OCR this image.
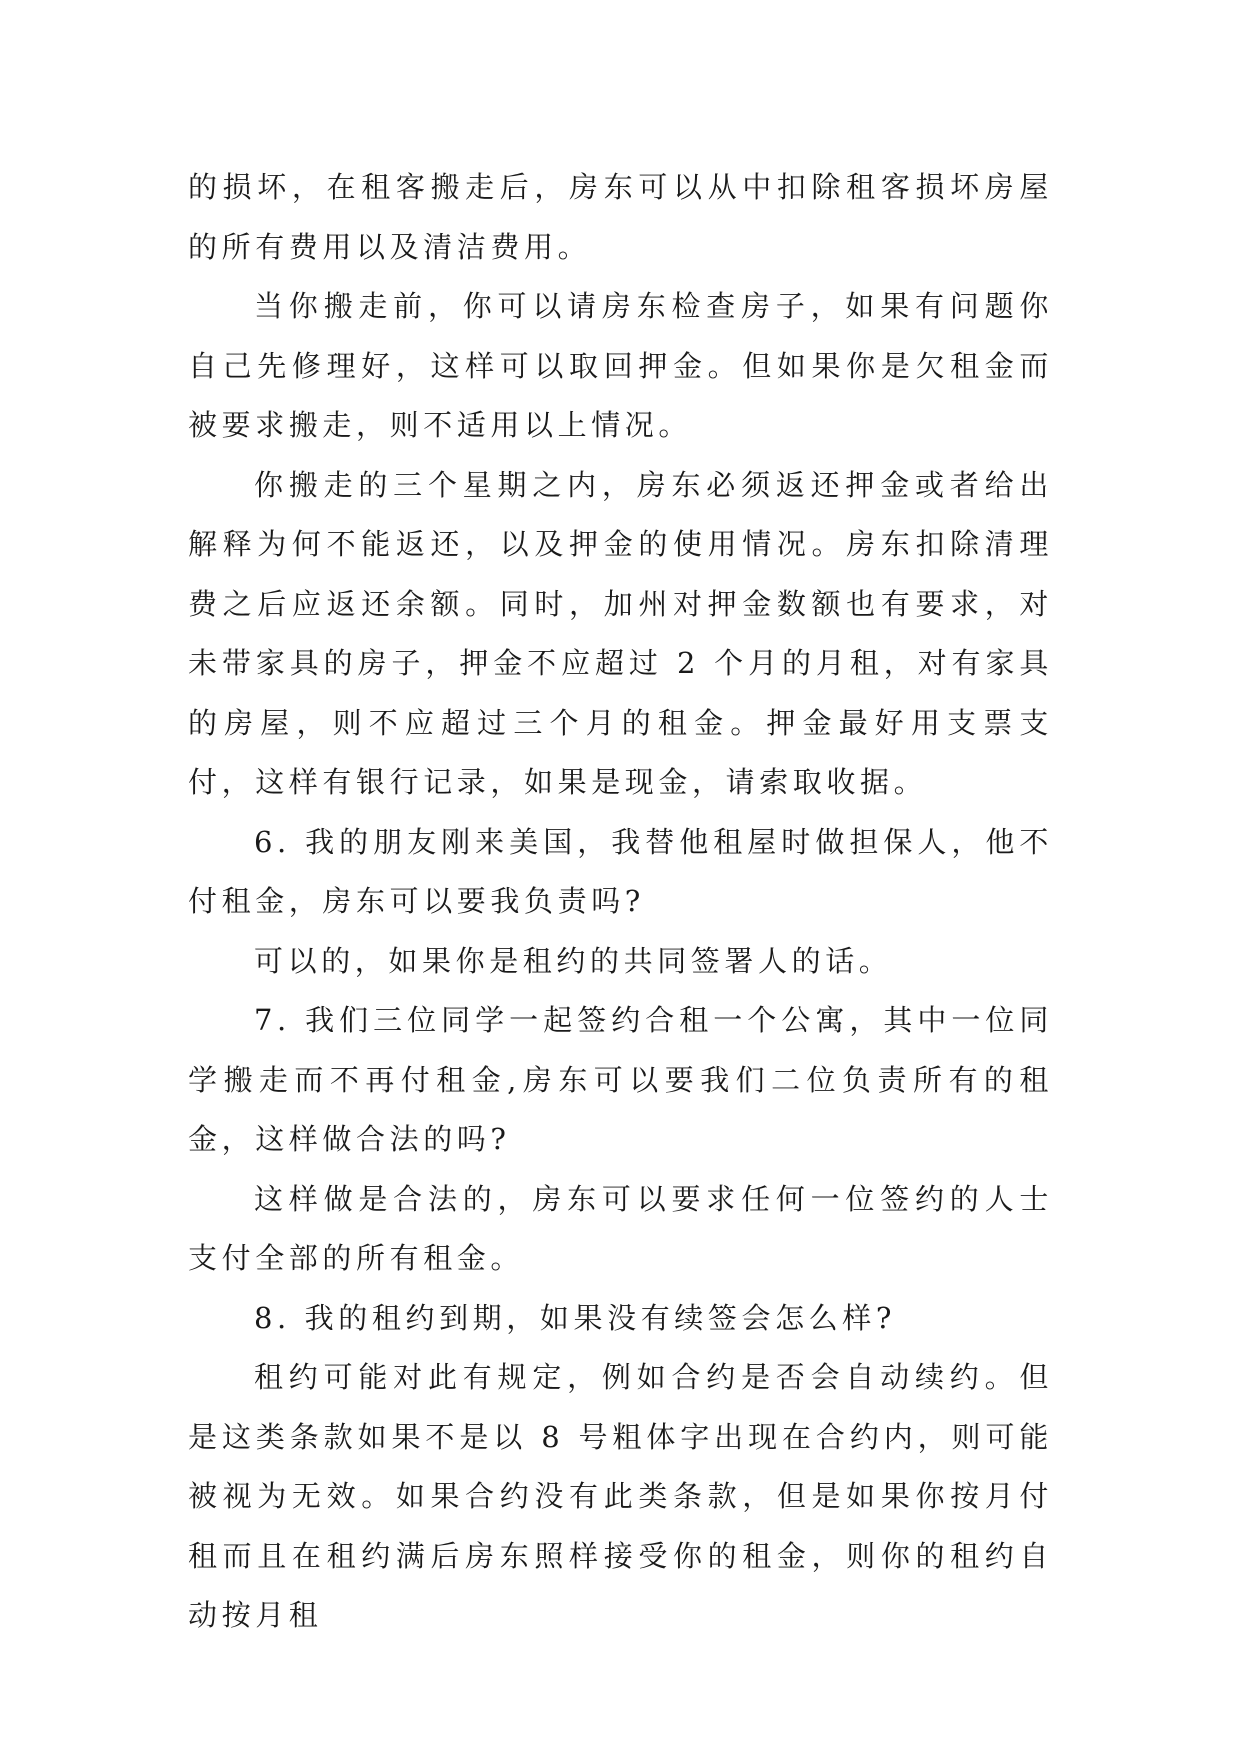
的损坏，在租客搬走后，房东可以从中扣除租客损坏房屋的所有费用以及清洁费用。

当你搬走前，你可以请房东检查房子，如果有问题你自己先修理好，这样可以取回押金。但如果你是欠租金而被要求搬走，则不适用以上情况。

你搬走的三个星期之内，房东必须返还押金或者给出解释为何不能返还，以及押金的使用情况。房东扣除清理费之后应返还余额。同时，加州对押金数额也有要求，对未带家具的房子，押金不应超过 2 个月的月租，对有家具的房屋，则不应超过三个月的租金。押金最好用支票支付，这样有银行记录，如果是现金，请索取收据。

6. 我的朋友刚来美国，我替他租屋时做担保人，他不付租金，房东可以要我负责吗?

可以的，如果你是租约的共同签署人的话。

7. 我们三位同学一起签约合租一个公寓，其中一位同学搬走而不再付租金,房东可以要我们二位负责所有的租金，这样做合法的吗?

这样做是合法的，房东可以要求任何一位签约的人士支付全部的所有租金。

8. 我的租约到期，如果没有续签会怎么样?

租约可能对此有规定，例如合约是否会自动续约。但是这类条款如果不是以 8 号粗体字出现在合约内，则可能被视为无效。如果合约没有此类条款，但是如果你按月付租而且在租约满后房东照样接受你的租金，则你的租约自动按月租
